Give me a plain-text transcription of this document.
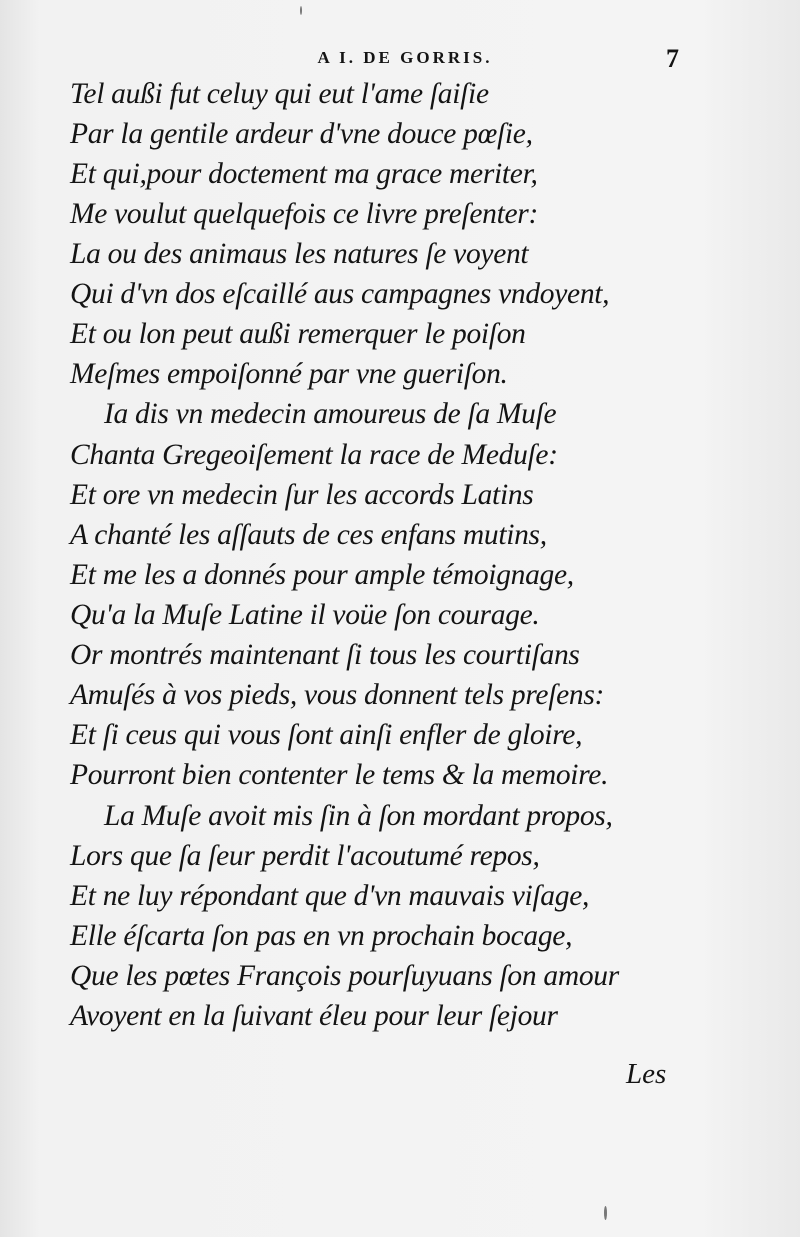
A I. DE GORRIS.	7
Tel außi fut celuy qui eut l'ame ſaiſie
Par la gentile ardeur d'vne douce pœſie,
Et qui,pour doctement ma grace meriter,
Me voulut quelquefois ce livre preſenter:
La ou des animaus les natures ſe voyent
Qui d'vn dos eſcaillé aus campagnes vndoyent,
Et ou lon peut außi remerquer le poiſon
Meſmes empoiſonné par vne gueriſon.
Ia dis vn medecin amoureus de ſa Muſe
Chanta Gregeoiſement la race de Meduſe:
Et ore vn medecin ſur les accords Latins
A chanté les aſſauts de ces enfans mutins,
Et me les a donnés pour ample témoignage,
Qu'a la Muſe Latine il voüe ſon courage.
Or montrés maintenant ſi tous les courtiſans
Amuſés à vos pieds, vous donnent tels preſens:
Et ſi ceus qui vous ſont ainſi enfler de gloire,
Pourront bien contenter le tems & la memoire.
La Muſe avoit mis ſin à ſon mordant propos,
Lors que ſa ſeur perdit l'acoutumé repos,
Et ne luy répondant que d'vn mauvais viſage,
Elle éſcarta ſon pas en vn prochain bocage,
Que les pœtes François pourſuyuans ſon amour
Avoyent en la ſuivant éleu pour leur ſejour
Les
